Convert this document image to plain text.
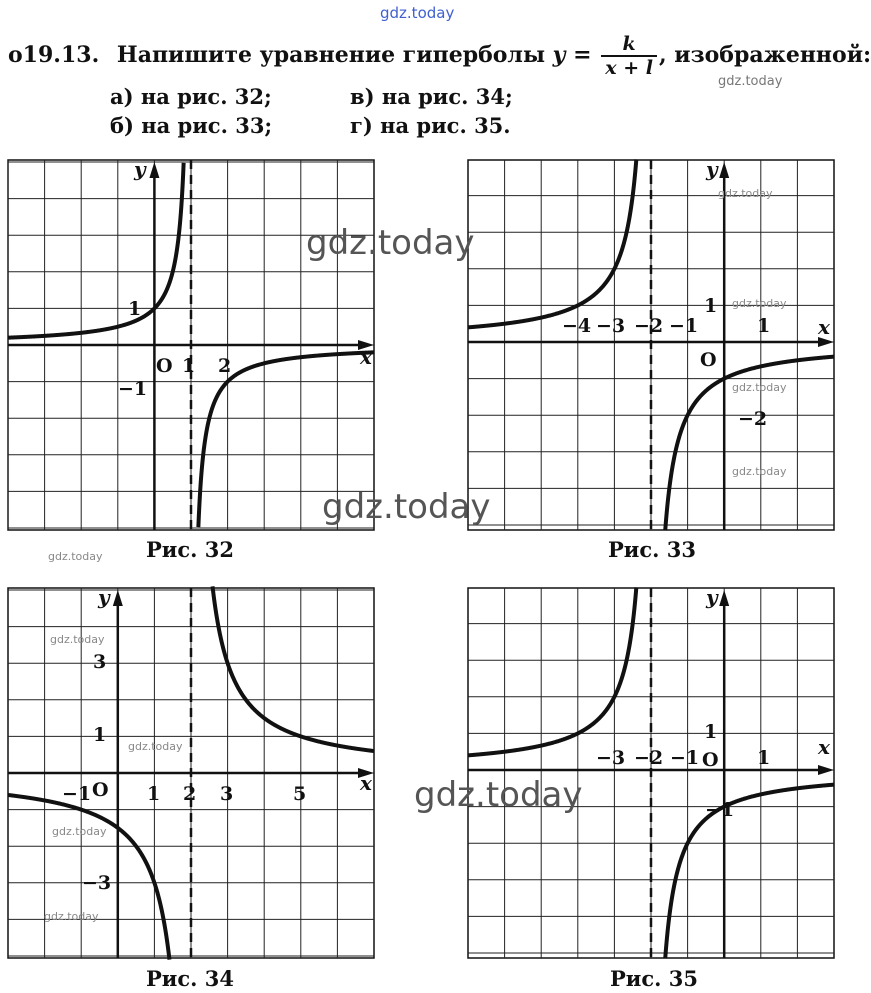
gdz.today
о19.13. Напишите уравнение гиперболы $y = \frac{k}{x + l}$ , изображенной:
а) на рис. 32;
б) на рис. 33;
в) на рис. 34;
г) на рис. 35.
gdz.today
x
y
O 1 2
1
−1
Рис. 32
x
y
O
−4 −3 −2 −1	1
1
−2
Рис. 33
x
y
O
−1	1 2 3	5
3
1
−3
Рис. 34
x
y
O
−3 −2 −1	1
1
−1
Рис. 35
gdz.today
gdz.today
gdz.today
gdz.today
gdz.today
gdz.today
gdz.today
gdz.today
gdz.today
gdz.today
gdz.today
gdz.today
